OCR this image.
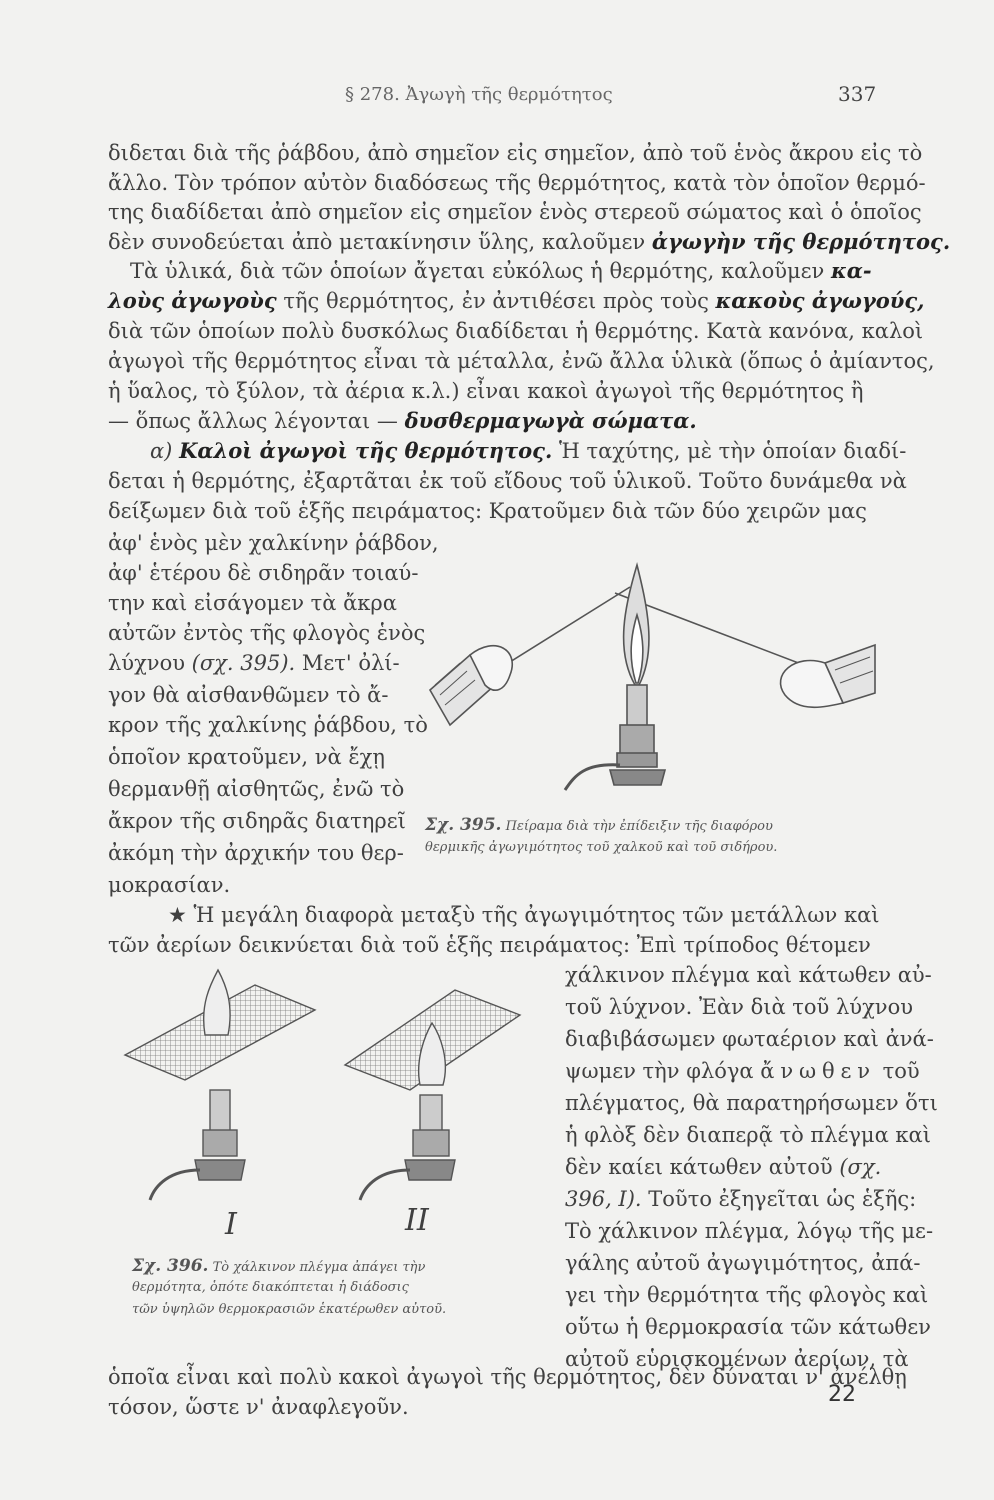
§ 278. Ἀγωγὴ τῆς θερμότητος	337
διδεται διὰ τῆς ῥάβδου, ἀπὸ σημεῖον εἰς σημεῖον, ἀπὸ τοῦ ἑνὸς ἄκρου εἰς τὸ
ἄλλο. Τὸν τρόπον αὐτὸν διαδόσεως τῆς θερμότητος, κατὰ τὸν ὁποῖον θερμό-
της διαδίδεται ἀπὸ σημεῖον εἰς σημεῖον ἑνὸς στερεοῦ σώματος καὶ ὁ ὁποῖος
δὲν συνοδεύεται ἀπὸ μετακίνησιν ὕλης, καλοῦμεν ἀγωγὴν τῆς θερμότητος.
Τὰ ὑλικά, διὰ τῶν ὁποίων ἄγεται εὐκόλως ἡ θερμότης, καλοῦμεν κα-
λοὺς ἀγωγοὺς τῆς θερμότητος, ἐν ἀντιθέσει πρὸς τοὺς κακοὺς ἀγωγούς,
διὰ τῶν ὁποίων πολὺ δυσκόλως διαδίδεται ἡ θερμότης. Κατὰ κανόνα, καλοὶ
ἀγωγοὶ τῆς θερμότητος εἶναι τὰ μέταλλα, ἐνῶ ἄλλα ὑλικὰ (ὅπως ὁ ἀμίαντος,
ἡ ὕαλος, τὸ ξύλον, τὰ ἀέρια κ.λ.) εἶναι κακοὶ ἀγωγοὶ τῆς θερμότητος ἢ
— ὅπως ἄλλως λέγονται — δυσθερμαγωγὰ σώματα.
α) Καλοὶ ἀγωγοὶ τῆς θερμότητος. Ἡ ταχύτης, μὲ τὴν ὁποίαν διαδί-
δεται ἡ θερμότης, ἐξαρτᾶται ἐκ τοῦ εἴδους τοῦ ὑλικοῦ. Τοῦτο δυνάμεθα νὰ
δείξωμεν διὰ τοῦ ἑξῆς πειράματος: Κρατοῦμεν διὰ τῶν δύο χειρῶν μας
ἀφ' ἑνὸς μὲν χαλκίνην ῥάβδον,
ἀφ' ἑτέρου δὲ σιδηρᾶν τοιαύ-
την καὶ εἰσάγομεν τὰ ἄκρα
αὐτῶν ἐντὸς τῆς φλογὸς ἑνὸς
λύχνου (σχ. 395). Μετ' ὀλί-
γον θὰ αἰσθανθῶμεν τὸ ἄ-
κρον τῆς χαλκίνης ῥάβδου, τὸ
ὁποῖον κρατοῦμεν, νὰ ἔχῃ
θερμανθῇ αἰσθητῶς, ἐνῶ τὸ
ἄκρον τῆς σιδηρᾶς διατηρεῖ
ἀκόμη τὴν ἀρχικήν του θερ-
μοκρασίαν.
Σχ. 395. Πείραμα διὰ τὴν ἐπίδειξιν τῆς διαφόρου
θερμικῆς ἀγωγιμότητος τοῦ χαλκοῦ καὶ τοῦ σιδήρου.
★ Ἡ μεγάλη διαφορὰ μεταξὺ τῆς ἀγωγιμότητος τῶν μετάλλων καὶ
τῶν ἀερίων δεικνύεται διὰ τοῦ ἑξῆς πειράματος: Ἐπὶ τρίποδος θέτομεν
χάλκινον πλέγμα καὶ κάτωθεν αὐ-
τοῦ λύχνον. Ἐὰν διὰ τοῦ λύχνου
διαβιβάσωμεν φωταέριον καὶ ἀνά-
ψωμεν τὴν φλόγα ἄνωθεν τοῦ
πλέγματος, θὰ παρατηρήσωμεν ὅτι
ἡ φλὸξ δὲν διαπερᾷ τὸ πλέγμα καὶ
δὲν καίει κάτωθεν αὐτοῦ (σχ.
396, I). Τοῦτο ἐξηγεῖται ὡς ἑξῆς:
Τὸ χάλκινον πλέγμα, λόγῳ τῆς με-
γάλης αὐτοῦ ἀγωγιμότητος, ἀπά-
γει τὴν θερμότητα τῆς φλογὸς καὶ
οὕτω ἡ θερμοκρασία τῶν κάτωθεν
αὐτοῦ εὑρισκομένων ἀερίων, τὰ
I	II
Σχ. 396. Τὸ χάλκινον πλέγμα ἀπάγει τὴν
θερμότητα, ὁπότε διακόπτεται ἡ διάδοσις
τῶν ὑψηλῶν θερμοκρασιῶν ἑκατέρωθεν αὐτοῦ.
ὁποῖα εἶναι καὶ πολὺ κακοὶ ἀγωγοὶ τῆς θερμότητος, δὲν δύναται ν' ἀνέλθῃ
τόσον, ὥστε ν' ἀναφλεγοῦν.	22
